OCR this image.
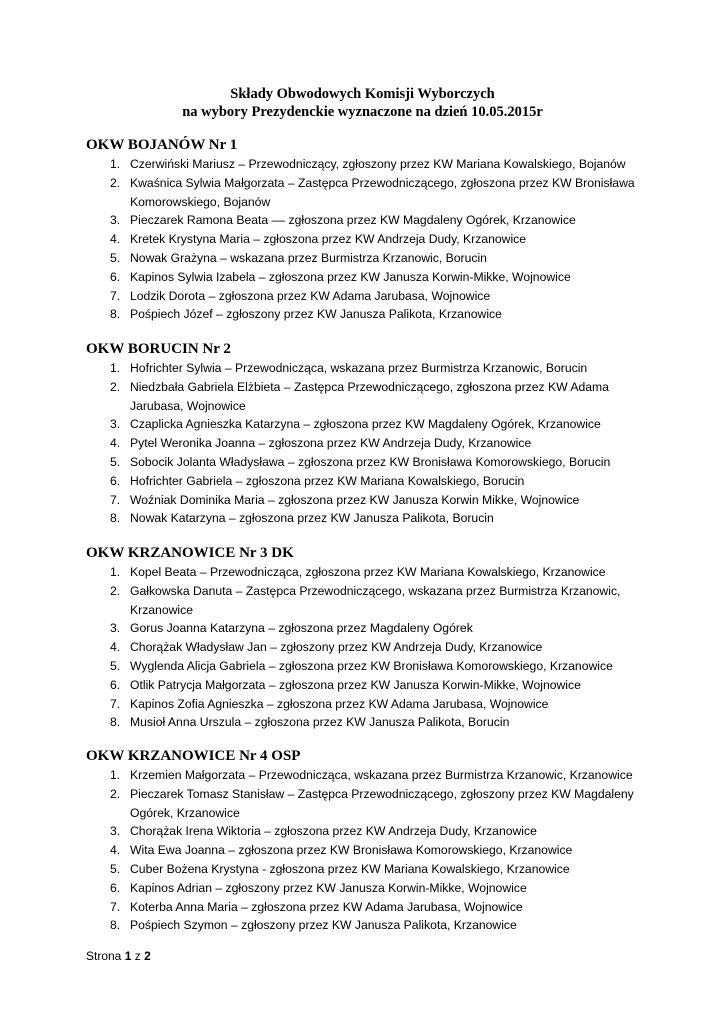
Składy Obwodowych Komisji Wyborczych
na wybory Prezydenckie wyznaczone na dzień 10.05.2015r
OKW BOJANÓW Nr 1
1. Czerwiński Mariusz – Przewodniczący, zgłoszony przez KW Mariana Kowalskiego, Bojanów
2. Kwaśnica Sylwia Małgorzata – Zastępca Przewodniczącego, zgłoszona przez KW Bronisława Komorowskiego, Bojanów
3. Pieczarek Ramona Beata –– zgłoszona przez KW Magdaleny Ogórek, Krzanowice
4. Kretek Krystyna Maria – zgłoszona przez KW Andrzeja Dudy, Krzanowice
5. Nowak Grażyna – wskazana przez Burmistrza Krzanowic, Borucin
6. Kapinos Sylwia Izabela – zgłoszona przez KW Janusza Korwin-Mikke, Wojnowice
7. Lodzik Dorota – zgłoszona przez KW Adama Jarubasa, Wojnowice
8. Pośpiech Józef – zgłoszony przez KW Janusza Palikota, Krzanowice
OKW BORUCIN Nr 2
1. Hofrichter Sylwia – Przewodnicząca, wskazana przez Burmistrza Krzanowic, Borucin
2. Niedzbała Gabriela Elżbieta – Zastępca Przewodniczącego, zgłoszona przez KW Adama Jarubasa, Wojnowice
3. Czaplicka Agnieszka Katarzyna – zgłoszona przez KW Magdaleny Ogórek, Krzanowice
4. Pytel Weronika Joanna – zgłoszona przez KW Andrzeja Dudy, Krzanowice
5. Sobocik Jolanta Władysława – zgłoszona przez KW Bronisława Komorowskiego, Borucin
6. Hofrichter Gabriela – zgłoszona przez KW Mariana Kowalskiego, Borucin
7. Woźniak Dominika Maria – zgłoszona przez KW Janusza Korwin Mikke, Wojnowice
8. Nowak Katarzyna – zgłoszona przez KW Janusza Palikota, Borucin
OKW KRZANOWICE Nr 3 DK
1. Kopel Beata – Przewodnicząca, zgłoszona przez KW Mariana Kowalskiego, Krzanowice
2. Gałkowska Danuta – Zastępca Przewodniczącego, wskazana przez Burmistrza Krzanowic, Krzanowice
3. Gorus Joanna Katarzyna – zgłoszona przez Magdaleny Ogórek
4. Chorążak Władysław Jan – zgłoszony przez KW Andrzeja Dudy, Krzanowice
5. Wyglenda Alicja Gabriela – zgłoszona przez KW Bronisława Komorowskiego, Krzanowice
6. Otlik Patrycja Małgorzata – zgłoszona przez KW Janusza Korwin-Mikke, Wojnowice
7. Kapinos Zofia Agnieszka – zgłoszona przez KW Adama Jarubasa, Wojnowice
8. Musioł Anna Urszula – zgłoszona przez KW Janusza Palikota, Borucin
OKW KRZANOWICE Nr 4 OSP
1. Krzemien Małgorzata – Przewodnicząca, wskazana przez Burmistrza Krzanowic, Krzanowice
2. Pieczarek Tomasz Stanisław – Zastępca Przewodniczącego, zgłoszony przez KW Magdaleny Ogórek, Krzanowice
3. Chorążak Irena Wiktoria – zgłoszona przez KW Andrzeja Dudy, Krzanowice
4. Wita Ewa Joanna – zgłoszona przez KW Bronisława Komorowskiego, Krzanowice
5. Cuber Bożena Krystyna - zgłoszona przez KW Mariana Kowalskiego, Krzanowice
6. Kapinos Adrian – zgłoszony przez KW Janusza Korwin-Mikke, Wojnowice
7. Koterba Anna Maria – zgłoszona przez KW Adama Jarubasa, Wojnowice
8. Pośpiech Szymon – zgłoszony przez KW Janusza Palikota, Krzanowice
Strona 1 z 2
